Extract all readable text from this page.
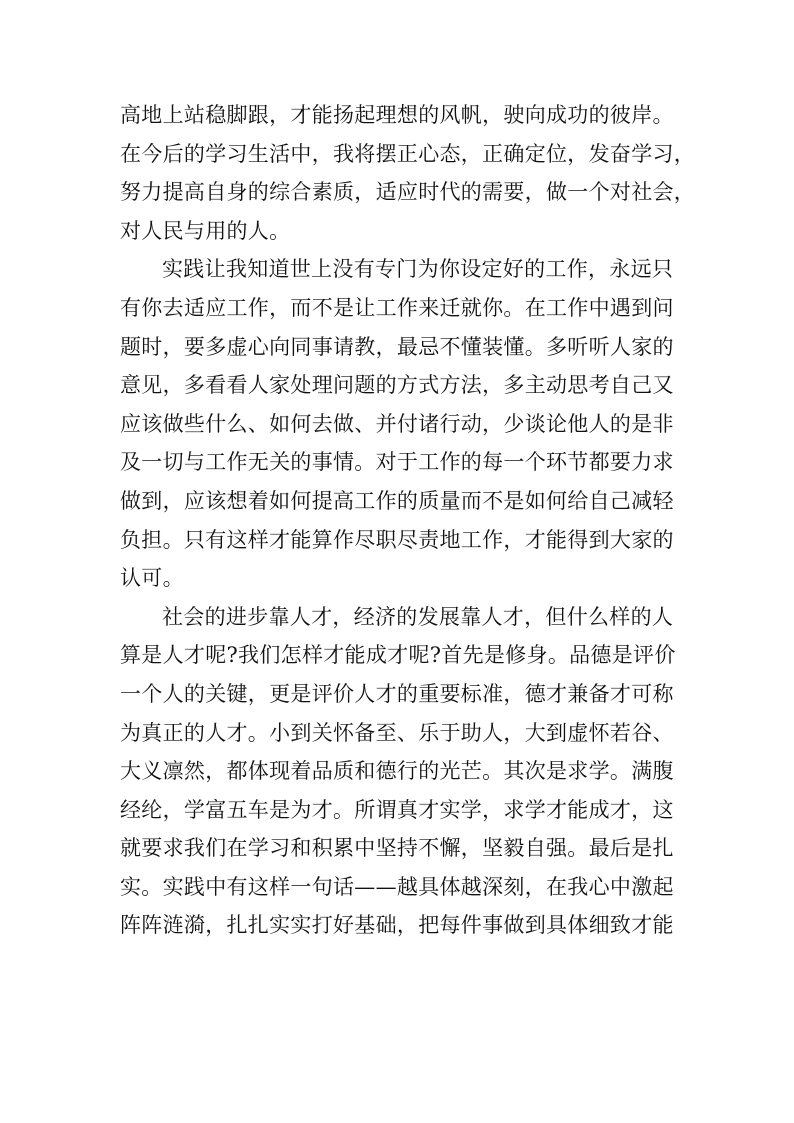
高地上站稳脚跟，才能扬起理想的风帆，驶向成功的彼岸。
在今后的学习生活中，我将摆正心态，正确定位，发奋学习，
努力提高自身的综合素质，适应时代的需要，做一个对社会，
对人民与用的人。
实践让我知道世上没有专门为你设定好的工作，永远只
有你去适应工作，而不是让工作来迁就你。在工作中遇到问
题时，要多虚心向同事请教，最忌不懂装懂。多听听人家的
意见，多看看人家处理问题的方式方法，多主动思考自己又
应该做些什么、如何去做、并付诸行动，少谈论他人的是非
及一切与工作无关的事情。对于工作的每一个环节都要力求
做到，应该想着如何提高工作的质量而不是如何给自己减轻
负担。只有这样才能算作尽职尽责地工作，才能得到大家的
认可。
社会的进步靠人才，经济的发展靠人才，但什么样的人
算是人才呢?我们怎样才能成才呢?首先是修身。品德是评价
一个人的关键，更是评价人才的重要标准，德才兼备才可称
为真正的人才。小到关怀备至、乐于助人，大到虚怀若谷、
大义凛然，都体现着品质和德行的光芒。其次是求学。满腹
经纶，学富五车是为才。所谓真才实学，求学才能成才，这
就要求我们在学习和积累中坚持不懈，坚毅自强。最后是扎
实。实践中有这样一句话——越具体越深刻，在我心中激起
阵阵涟漪，扎扎实实打好基础，把每件事做到具体细致才能
